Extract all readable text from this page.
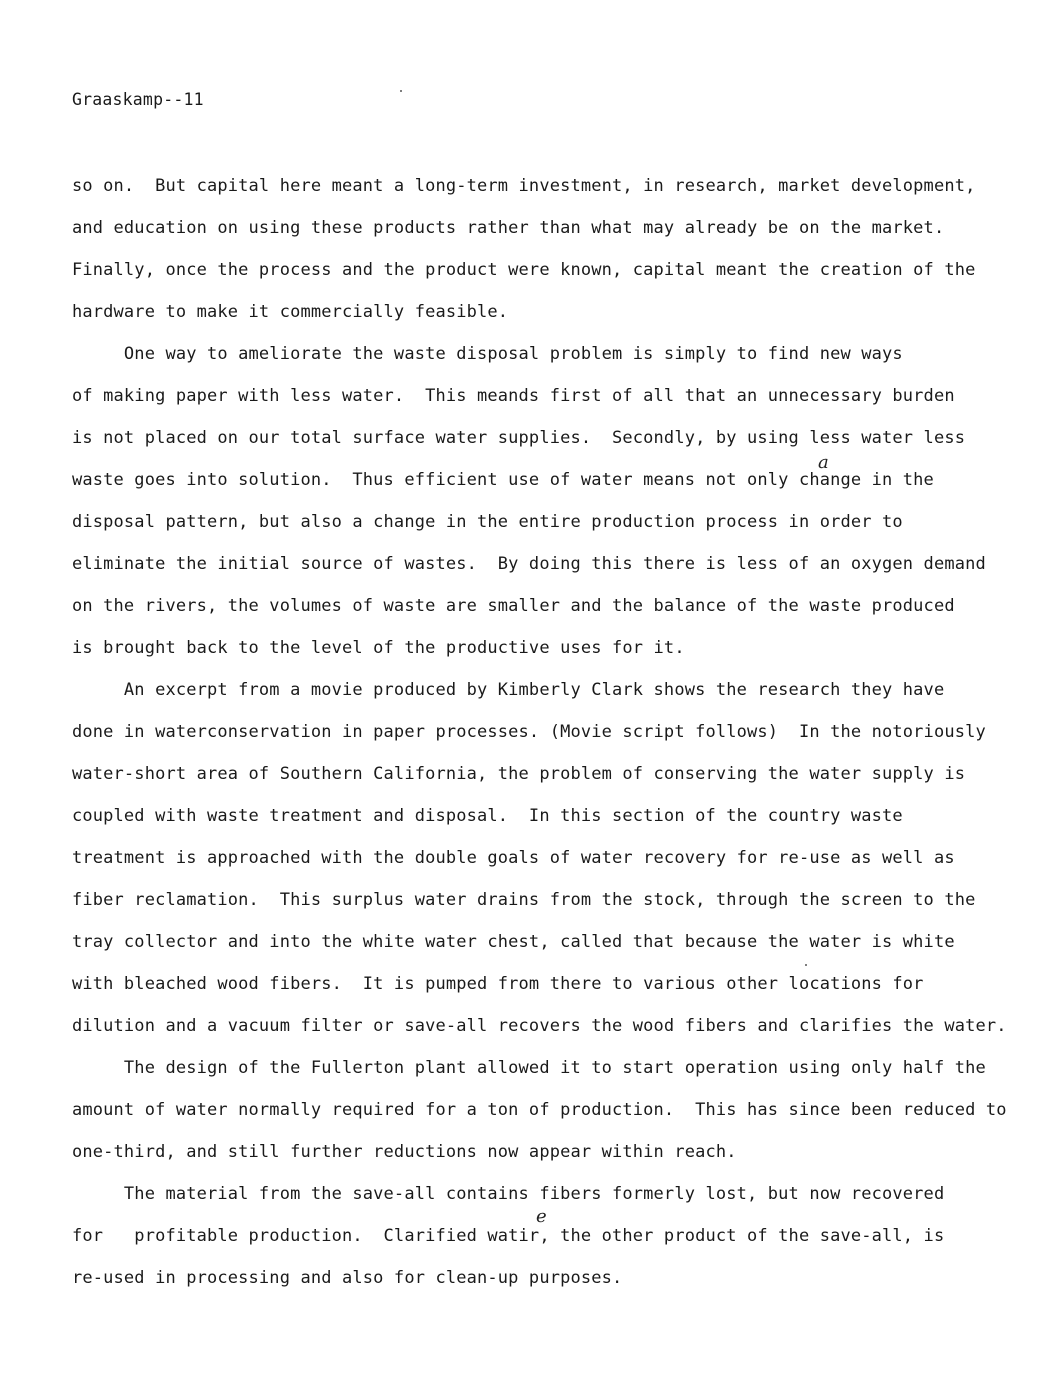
Graaskamp--11
so on.  But capital here meant a long-term investment, in research, market development,
and education on using these products rather than what may already be on the market.
Finally, once the process and the product were known, capital meant the creation of the
hardware to make it commercially feasible.
One way to ameliorate the waste disposal problem is simply to find new ways
of making paper with less water.  This meands first of all that an unnecessary burden
is not placed on our total surface water supplies.  Secondly, by using less water less
waste goes into solution.  Thus efficient use of water means not only change in the
disposal pattern, but also a change in the entire production process in order to
eliminate the initial source of wastes.  By doing this there is less of an oxygen demand
on the rivers, the volumes of waste are smaller and the balance of the waste produced
is brought back to the level of the productive uses for it.
An excerpt from a movie produced by Kimberly Clark shows the research they have
done in waterconservation in paper processes. (Movie script follows)  In the notoriously
water-short area of Southern California, the problem of conserving the water supply is
coupled with waste treatment and disposal.  In this section of the country waste
treatment is approached with the double goals of water recovery for re-use as well as
fiber reclamation.  This surplus water drains from the stock, through the screen to the
tray collector and into the white water chest, called that because the water is white
with bleached wood fibers.  It is pumped from there to various other locations for
dilution and a vacuum filter or save-all recovers the wood fibers and clarifies the water.
The design of the Fullerton plant allowed it to start operation using only half the
amount of water normally required for a ton of production.  This has since been reduced to
one-third, and still further reductions now appear within reach.
The material from the save-all contains fibers formerly lost, but now recovered
for   profitable production.  Clarified watir, the other product of the save-all, is
re-used in processing and also for clean-up purposes.
a
e
